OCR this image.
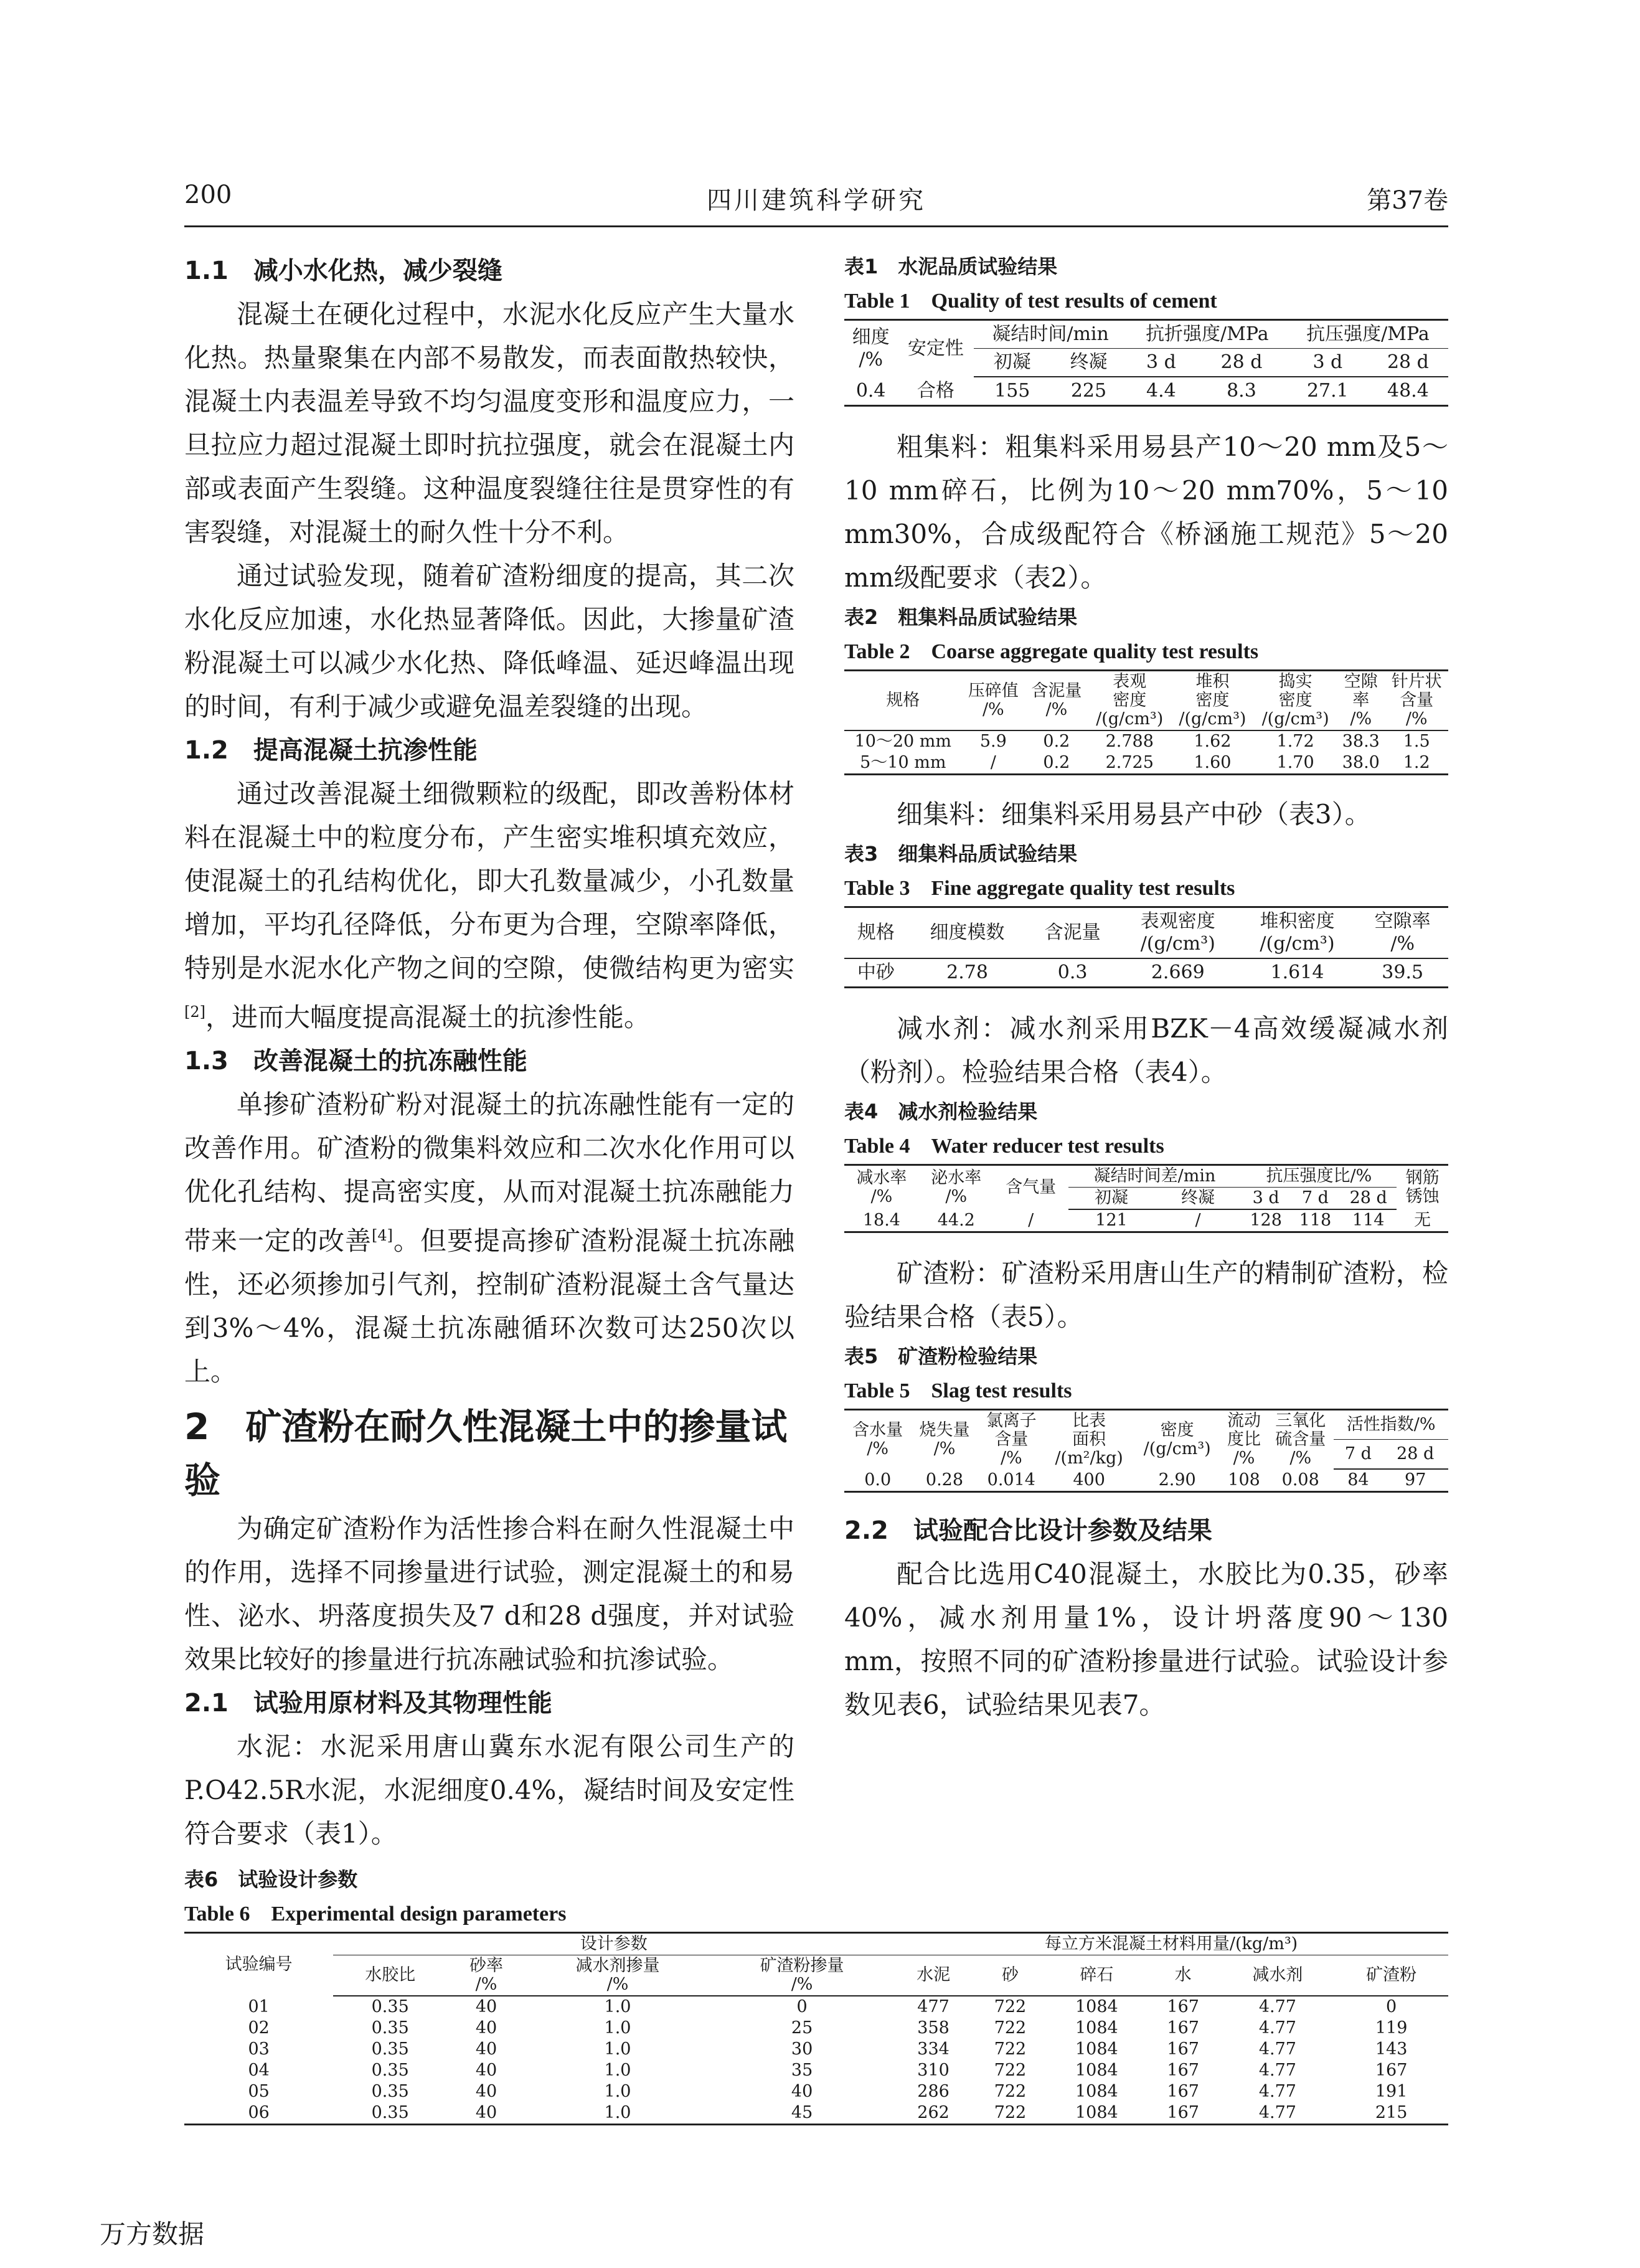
200	四川建筑科学研究	第37卷
1.1　减小水化热，减少裂缝

混凝土在硬化过程中，水泥水化反应产生大量水化热。热量聚集在内部不易散发，而表面散热较快，混凝土内表温差导致不均匀温度变形和温度应力，一旦拉应力超过混凝土即时抗拉强度，就会在混凝土内部或表面产生裂缝。这种温度裂缝往往是贯穿性的有害裂缝，对混凝土的耐久性十分不利。

通过试验发现，随着矿渣粉细度的提高，其二次水化反应加速，水化热显著降低。因此，大掺量矿渣粉混凝土可以减少水化热、降低峰温、延迟峰温出现的时间，有利于减少或避免温差裂缝的出现。

1.2　提高混凝土抗渗性能

通过改善混凝土细微颗粒的级配，即改善粉体材料在混凝土中的粒度分布，产生密实堆积填充效应，使混凝土的孔结构优化，即大孔数量减少，小孔数量增加，平均孔径降低，分布更为合理，空隙率降低，特别是水泥水化产物之间的空隙，使微结构更为密实[2]，进而大幅度提高混凝土的抗渗性能。

1.3　改善混凝土的抗冻融性能

单掺矿渣粉矿粉对混凝土的抗冻融性能有一定的改善作用。矿渣粉的微集料效应和二次水化作用可以优化孔结构、提高密实度，从而对混凝土抗冻融能力带来一定的改善[4]。但要提高掺矿渣粉混凝土抗冻融性，还必须掺加引气剂，控制矿渣粉混凝土含气量达到3%～4%，混凝土抗冻融循环次数可达250次以上。

2　矿渣粉在耐久性混凝土中的掺量试验

为确定矿渣粉作为活性掺合料在耐久性混凝土中的作用，选择不同掺量进行试验，测定混凝土的和易性、泌水、坍落度损失及7 d和28 d强度，并对试验效果比较好的掺量进行抗冻融试验和抗渗试验。

2.1　试验用原材料及其物理性能

水泥：水泥采用唐山冀东水泥有限公司生产的P.O42.5R水泥，水泥细度0.4%，凝结时间及安定性符合要求（表1）。

表1　水泥品质试验结果

Table 1　Quality of test results of cement

细度
/%	安定性	凝结时间/min		抗折强度/MPa		抗压强度/MPa	
		初凝	终凝	3 d	28 d	3 d	28 d
0.4	合格	155	225	4.4	8.3	27.1	48.4

粗集料：粗集料采用易县产10～20 mm及5～10 mm碎石，比例为10～20 mm70%，5～10 mm30%，合成级配符合《桥涵施工规范》5～20 mm级配要求（表2）。

表2　粗集料品质试验结果

Table 2　Coarse aggregate quality test results

规格	压碎值
/%	含泥量
/%	表观
密度
/(g/cm³)	堆积
密度
/(g/cm³)	捣实
密度
/(g/cm³)	空隙
率
/%	针片状
含量
/%
10～20 mm	5.9	0.2	2.788	1.62	1.72	38.3	1.5
5～10 mm	/	0.2	2.725	1.60	1.70	38.0	1.2

细集料：细集料采用易县产中砂（表3）。

表3　细集料品质试验结果

Table 3　Fine aggregate quality test results

规格	细度模数	含泥量	表观密度
/(g/cm³)	堆积密度
/(g/cm³)	空隙率
/%
中砂	2.78	0.3	2.669	1.614	39.5

减水剂：减水剂采用BZK－4高效缓凝减水剂（粉剂）。检验结果合格（表4）。

表4　减水剂检验结果

Table 4　Water reducer test results

减水率
/%	泌水率
/%	含气量	凝结时间差/min		抗压强度比/%			钢筋
锈蚀
			初凝	终凝	3 d	7 d	28 d	
18.4	44.2	/	121	/	128	118	114	无

矿渣粉：矿渣粉采用唐山生产的精制矿渣粉，检验结果合格（表5）。

表5　矿渣粉检验结果

Table 5　Slag test results

含水量
/%	烧失量
/%	氯离子
含量
/%	比表
面积
/(m²/kg)	密度
/(g/cm³)	流动
度比
/%	三氧化
硫含量
/%	活性指数/%	
							7 d	28 d
0.0	0.28	0.014	400	2.90	108	0.08	84	97
2.2　试验配合比设计参数及结果

配合比选用C40混凝土，水胶比为0.35，砂率40%，减水剂用量1%，设计坍落度90～130 mm，按照不同的矿渣粉掺量进行试验。试验设计参数见表6，试验结果见表7。

表6　试验设计参数

Table 6　Experimental design parameters

试验编号	设计参数				每立方米混凝土材料用量/(kg/m³)					
	水胶比	砂率
/%	减水剂掺量
/%	矿渣粉掺量
/%	水泥	砂	碎石	水	减水剂	矿渣粉
01	0.35	40	1.0	0	477	722	1084	167	4.77	0
02	0.35	40	1.0	25	358	722	1084	167	4.77	119
03	0.35	40	1.0	30	334	722	1084	167	4.77	143
04	0.35	40	1.0	35	310	722	1084	167	4.77	167
05	0.35	40	1.0	40	286	722	1084	167	4.77	191
06	0.35	40	1.0	45	262	722	1084	167	4.77	215
万方数据
